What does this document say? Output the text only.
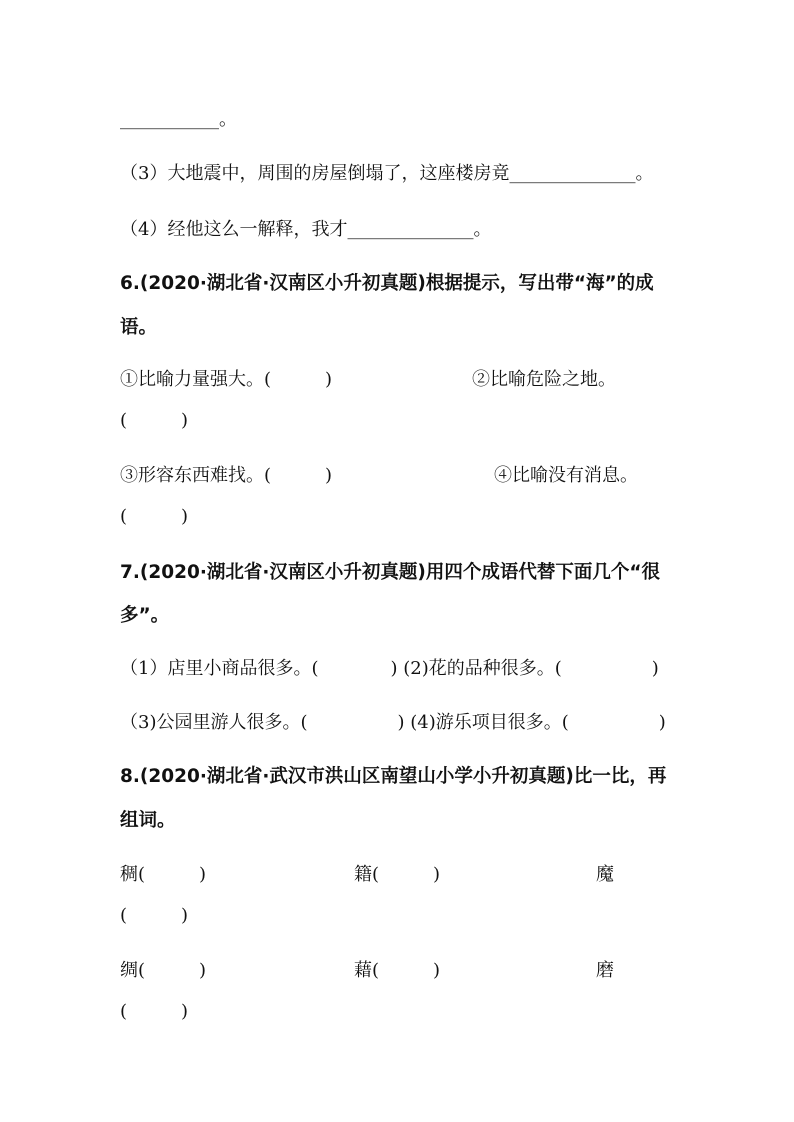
___________。
（3）大地震中，周围的房屋倒塌了，这座楼房竟______________。
（4）经他这么一解释，我才______________。
6.(2020·湖北省·汉南区小升初真题)根据提示，写出带“海”的成
语。
①比喻力量强大。(　　　)	②比喻危险之地。
(　　　)
③形容东西难找。(　　　)	④比喻没有消息。
(　　　)
7.(2020·湖北省·汉南区小升初真题)用四个成语代替下面几个“很
多”。
（1）店里小商品很多。(　　　　) (2)花的品种很多。(　　　　　)
（3)公园里游人很多。(　　　　　) (4)游乐项目很多。(　　　　　)
8.(2020·湖北省·武汉市洪山区南望山小学小升初真题)比一比，再
组词。
稠(　　　)	籍(　　　)	魔
(　　　)
绸(　　　)	藉(　　　)	磨
(　　　)
